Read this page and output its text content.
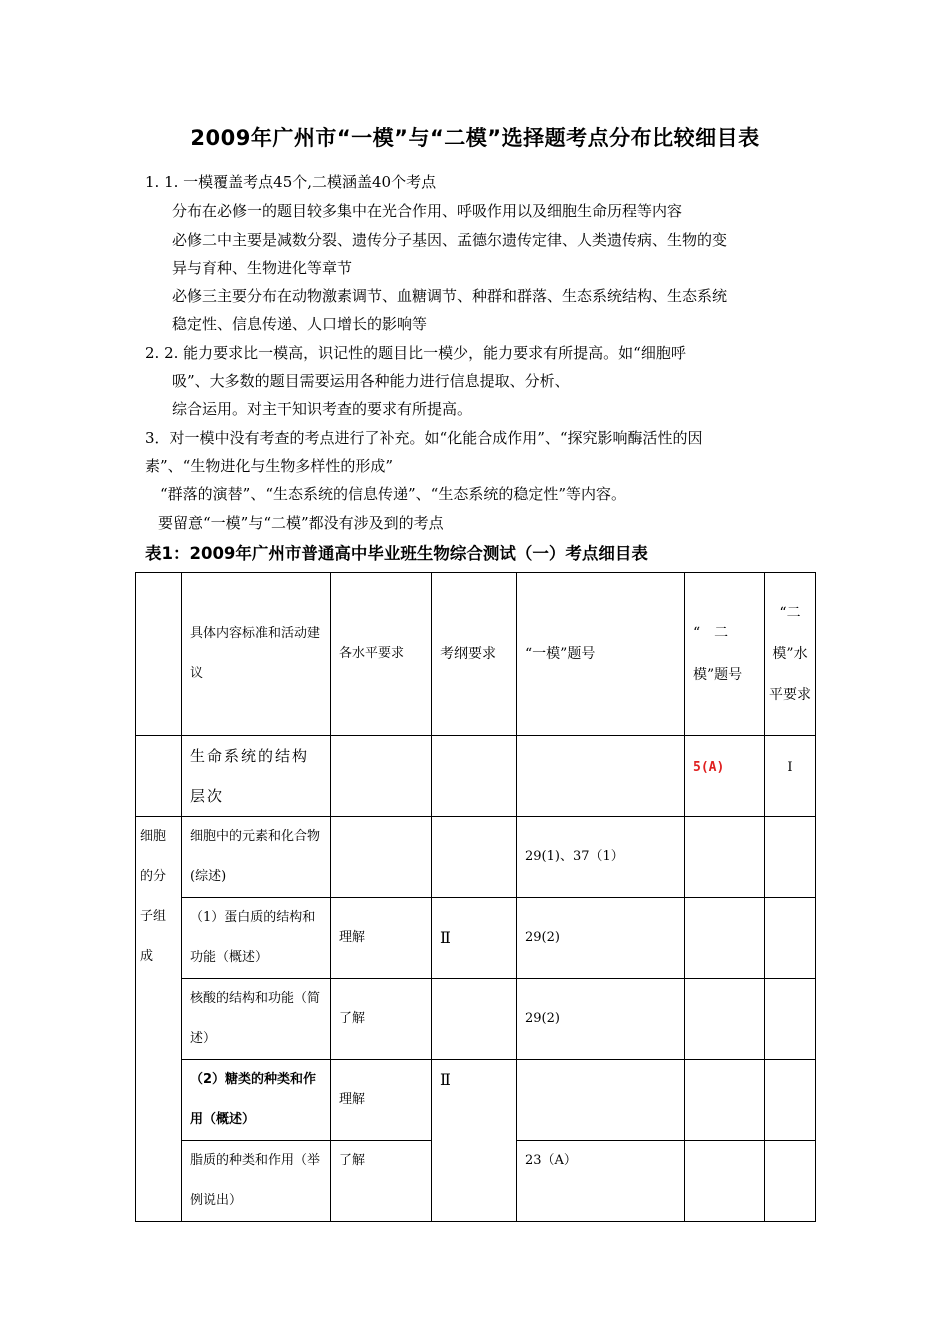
2009年广州市“一模”与“二模”选择题考点分布比较细目表
1. 1. 一模覆盖考点45个,二模涵盖40个考点
分布在必修一的题目较多集中在光合作用、呼吸作用以及细胞生命历程等内容
必修二中主要是减数分裂、遗传分子基因、孟德尔遗传定律、人类遗传病、生物的变
异与育种、生物进化等章节
必修三主要分布在动物激素调节、血糖调节、种群和群落、生态系统结构、生态系统
稳定性、信息传递、人口增长的影响等
2. 2. 能力要求比一模高，识记性的题目比一模少，能力要求有所提高。如“细胞呼
吸”、大多数的题目需要运用各种能力进行信息提取、分析、
综合运用。对主干知识考查的要求有所提高。
3．对一模中没有考查的考点进行了补充。如“化能合成作用”、“探究影响酶活性的因
素”、“生物进化与生物多样性的形成”
“群落的演替”、“生态系统的信息传递”、“生态系统的稳定性”等内容。
要留意“一模”与“二模”都没有涉及到的考点
表1：2009年广州市普通高中毕业班生物综合测试（一）考点细目表
	具体内容标准和活动建议	各水平要求	考纲要求	“一模”题号	“　二模”题号	“二模”水平要求
	生命系统的结构层次				5(A)	Ⅰ
细胞的分子组成	细胞中的元素和化合物(综述)			29(1)、37（1）		
	（1）蛋白质的结构和功能（概述）	理解	Ⅱ	29(2)		
	核酸的结构和功能（简述）	了解		29(2)		
	（2）糖类的种类和作用（概述）	理解	Ⅱ			
	脂质的种类和作用（举例说出）	了解		23（A）		
